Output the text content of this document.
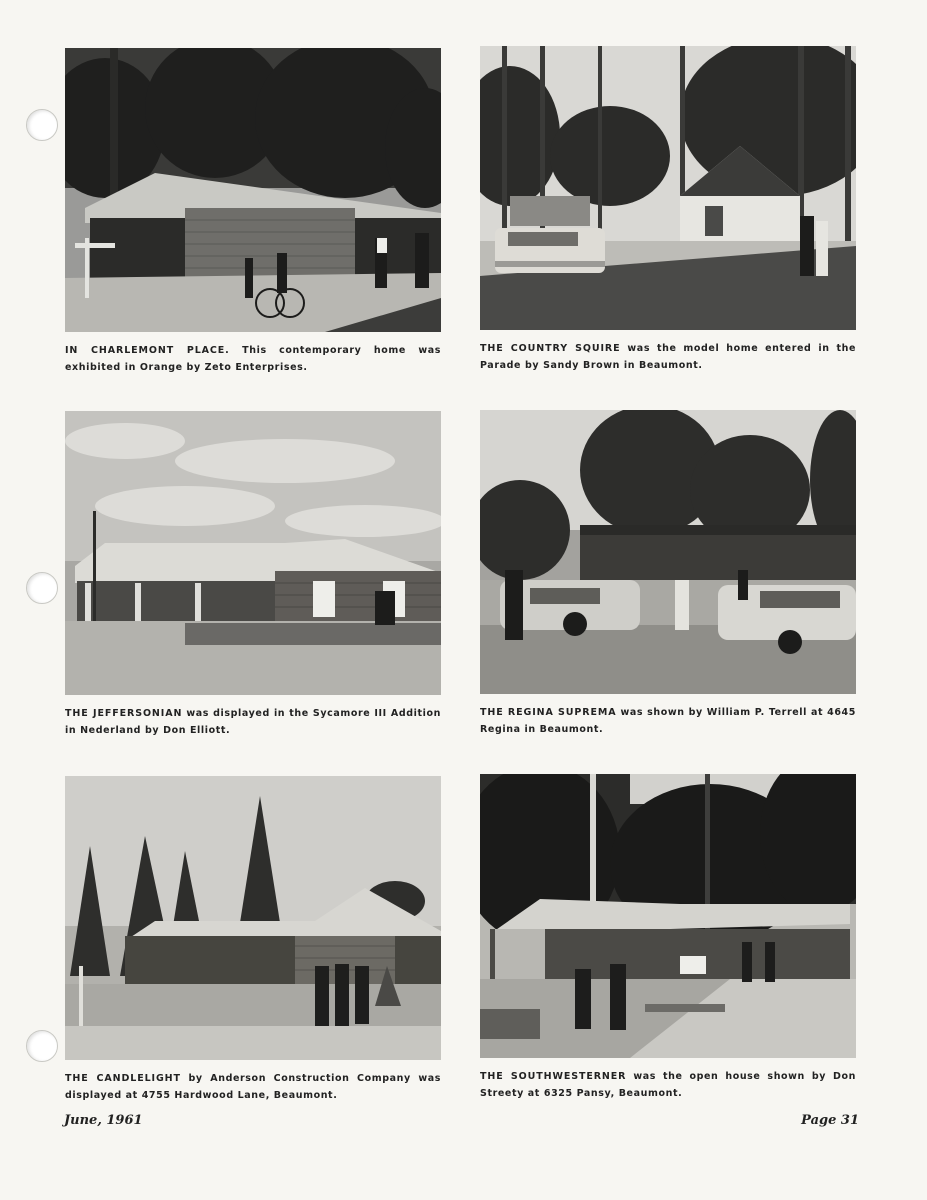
IN CHARLEMONT PLACE. This contemporary home was exhibited in Orange by Zeto Enterprises.
THE COUNTRY SQUIRE was the model home entered in the Parade by Sandy Brown in Beaumont.
THE JEFFERSONIAN was displayed in the Sycamore III Addition in Nederland by Don Elliott.
THE REGINA SUPREMA was shown by William P. Terrell at 4645 Regina in Beaumont.
THE CANDLELIGHT by Anderson Construction Company was displayed at 4755 Hardwood Lane, Beaumont.
THE SOUTHWESTERNER was the open house shown by Don Streety at 6325 Pansy, Beaumont.
June, 1961	Page 31
